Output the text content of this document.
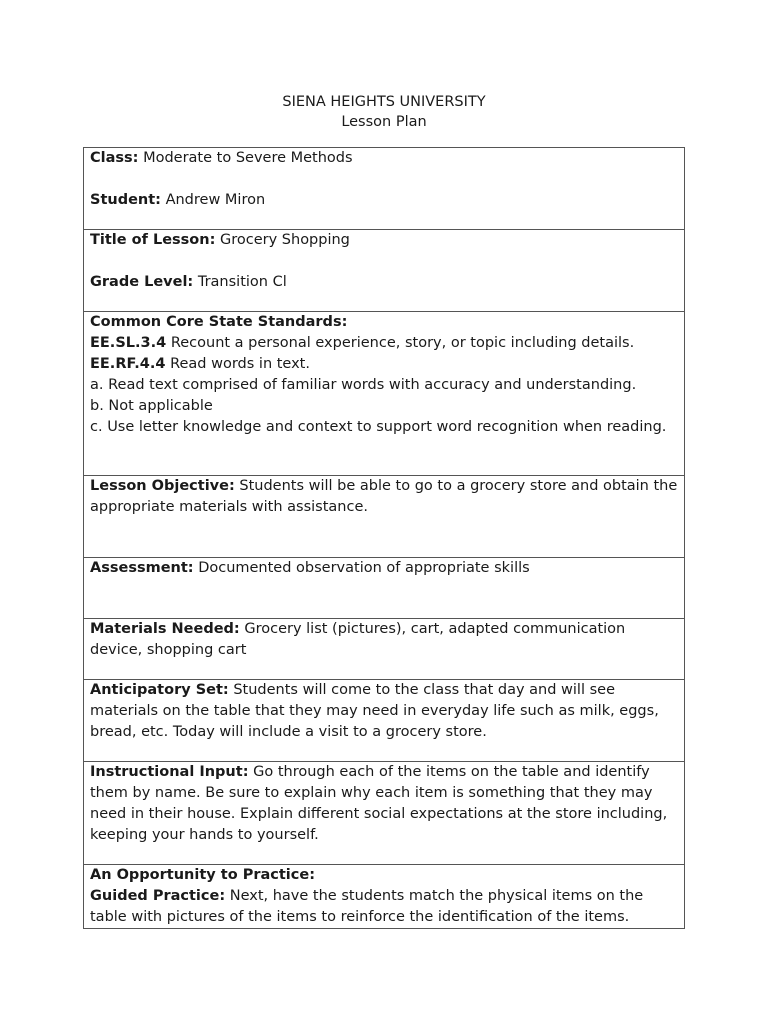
SIENA HEIGHTS UNIVERSITY
Lesson Plan

Class: Moderate to Severe Methods

Student: Andrew Miron

Title of Lesson: Grocery Shopping

Grade Level: Transition Cl

Common Core State Standards:

EE.SL.3.4 Recount a personal experience, story, or topic including details.

EE.RF.4.4 Read words in text.

a. Read text comprised of familiar words with accuracy and understanding.

b. Not applicable

c. Use letter knowledge and context to support word recognition when reading.

Lesson Objective: Students will be able to go to a grocery store and obtain the appropriate materials with assistance.

Assessment: Documented observation of appropriate skills

Materials Needed: Grocery list (pictures), cart, adapted communication device, shopping cart

Anticipatory Set: Students will come to the class that day and will see materials on the table that they may need in everyday life such as milk, eggs, bread, etc. Today will include a visit to a grocery store.

Instructional Input: Go through each of the items on the table and identify them by name. Be sure to explain why each item is something that they may need in their house. Explain different social expectations at the store including, keeping your hands to yourself.

An Opportunity to Practice:

Guided Practice: Next, have the students match the physical items on the table with pictures of the items to reinforce the identification of the items.
